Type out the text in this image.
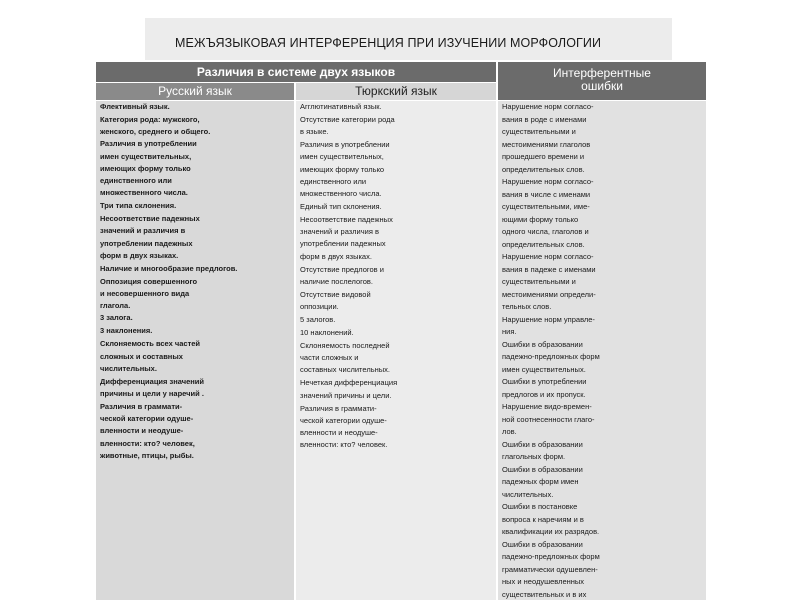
МЕЖЪЯЗЫКОВАЯ ИНТЕРФЕРЕНЦИЯ ПРИ ИЗУЧЕНИИ МОРФОЛОГИИ
Различия в системе двух языков	Интерферентные
ошибки
Русский язык	Тюркский язык
Флективный язык.
Категория рода: мужского,
женского, среднего и общего.
Различия в употреблении
имен существительных,
имеющих форму только
единственного или
множественного числа.
Три типа склонения.
Несоответствие падежных
значений и различия в
употреблении падежных
форм в двух языках.
Наличие и многообразие предлогов.
Оппозиция совершенного
и несовершенного вида
глагола.
3 залога.
3 наклонения.
Склоняемость всех частей
сложных и составных
числительных.
Дифференциация значений
причины и цели у наречий .
Различия в граммати-
ческой категории одуше-
вленности и неодуше-
вленности: кто? человек,
животные, птицы, рыбы.
Агглютинативный язык.
Отсутствие категории рода
в языке.
Различия в употреблении
имен существительных,
имеющих форму только
единственного или
множественного числа.
Единый тип склонения.
Несоответствие падежных
значений и различия в
употреблении падежных
форм в двух языках.
Отсутствие предлогов и
наличие послелогов.
Отсутствие видовой
оппозиции.
5 залогов.
10 наклонений.
Склоняемость последней
части сложных и
составных числительных.
Нечеткая дифференциация
значений причины и цели.
Различия в граммати-
ческой категории одуше-
вленности и неодуше-
вленности: кто? человек.
Нарушение норм согласо-
вания в роде с именами
существительными и
местоимениями глаголов
прошедшего времени и
определительных слов.
Нарушение норм согласо-
вания в числе с именами
существительными, име-
ющими форму только
одного числа, глаголов и
определительных слов.
Нарушение норм согласо-
вания в падеже с именами
существительными и
местоимениями определи-
тельных слов.
Нарушение норм управле-
ния.
Ошибки в образовании
падежно-предложных форм
имен существительных.
Ошибки в употреблении
предлогов и их пропуск.
Нарушение видо-времен-
ной соотнесенности глаго-
лов.
Ошибки в образовании
глагольных форм.
Ошибки в образовании
падежных форм имен
числительных.
Ошибки в постановке
вопроса к наречиям и в
квалификации их разрядов.
Ошибки в образовании
падежно-предложных форм
грамматически одушевлен-
ных и неодушевленных
существительных и в их
